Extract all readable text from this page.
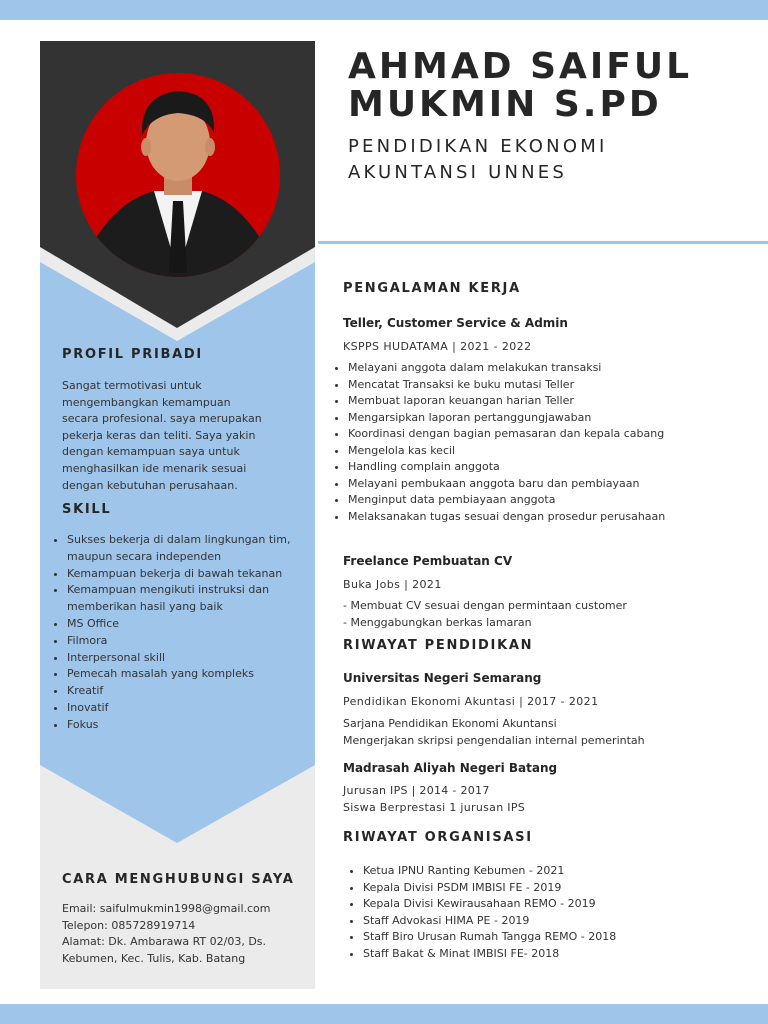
AHMAD SAIFUL
MUKMIN S.PD

PENDIDIKAN EKONOMI
AKUNTANSI UNNES

PROFIL PRIBADI

Sangat termotivasi untuk
mengembangkan kemampuan
secara profesional. saya merupakan
pekerja keras dan teliti. Saya yakin
dengan kemampuan saya untuk
menghasilkan ide menarik sesuai
dengan kebutuhan perusahaan.

SKILL
• Sukses bekerja di dalam lingkungan tim, maupun secara independen
• Kemampuan bekerja di bawah tekanan
• Kemampuan mengikuti instruksi dan memberikan hasil yang baik
• MS Office
• Filmora
• Interpersonal skill
• Pemecah masalah yang kompleks
• Kreatif
• Inovatif
• Fokus
CARA MENGHUBUNGI SAYA

Email: saifulmukmin1998@gmail.com
Telepon: 085728919714
Alamat: Dk. Ambarawa RT 02/03, Ds.
Kebumen, Kec. Tulis, Kab. Batang

PENGALAMAN KERJA
Teller, Customer Service & Admin

KSPPS HUDATAMA | 2021 - 2022

• Melayani anggota dalam melakukan transaksi
• Mencatat Transaksi ke buku mutasi Teller
• Membuat laporan keuangan harian Teller
• Mengarsipkan laporan pertanggungjawaban
• Koordinasi dengan bagian pemasaran dan kepala cabang
• Mengelola kas kecil
• Handling complain anggota
• Melayani pembukaan anggota baru dan pembiayaan
• Menginput data pembiayaan anggota
• Melaksanakan tugas sesuai dengan prosedur perusahaan
Freelance Pembuatan CV

Buka Jobs | 2021

- Membuat CV sesuai dengan permintaan customer
- Menggabungkan berkas lamaran

RIWAYAT PENDIDIKAN
Universitas Negeri Semarang

Pendidikan Ekonomi Akuntasi | 2017 - 2021

Sarjana Pendidikan Ekonomi Akuntansi
Mengerjakan skripsi pengendalian internal pemerintah

Madrasah Aliyah Negeri Batang

Jurusan IPS | 2014 - 2017
Siswa Berprestasi 1 jurusan IPS

RIWAYAT ORGANISASI
• Ketua IPNU Ranting Kebumen - 2021
• Kepala Divisi PSDM IMBISI FE - 2019
• Kepala Divisi Kewirausahaan REMO - 2019
• Staff Advokasi HIMA PE - 2019
• Staff Biro Urusan Rumah Tangga REMO - 2018
• Staff Bakat & Minat IMBISI FE- 2018
